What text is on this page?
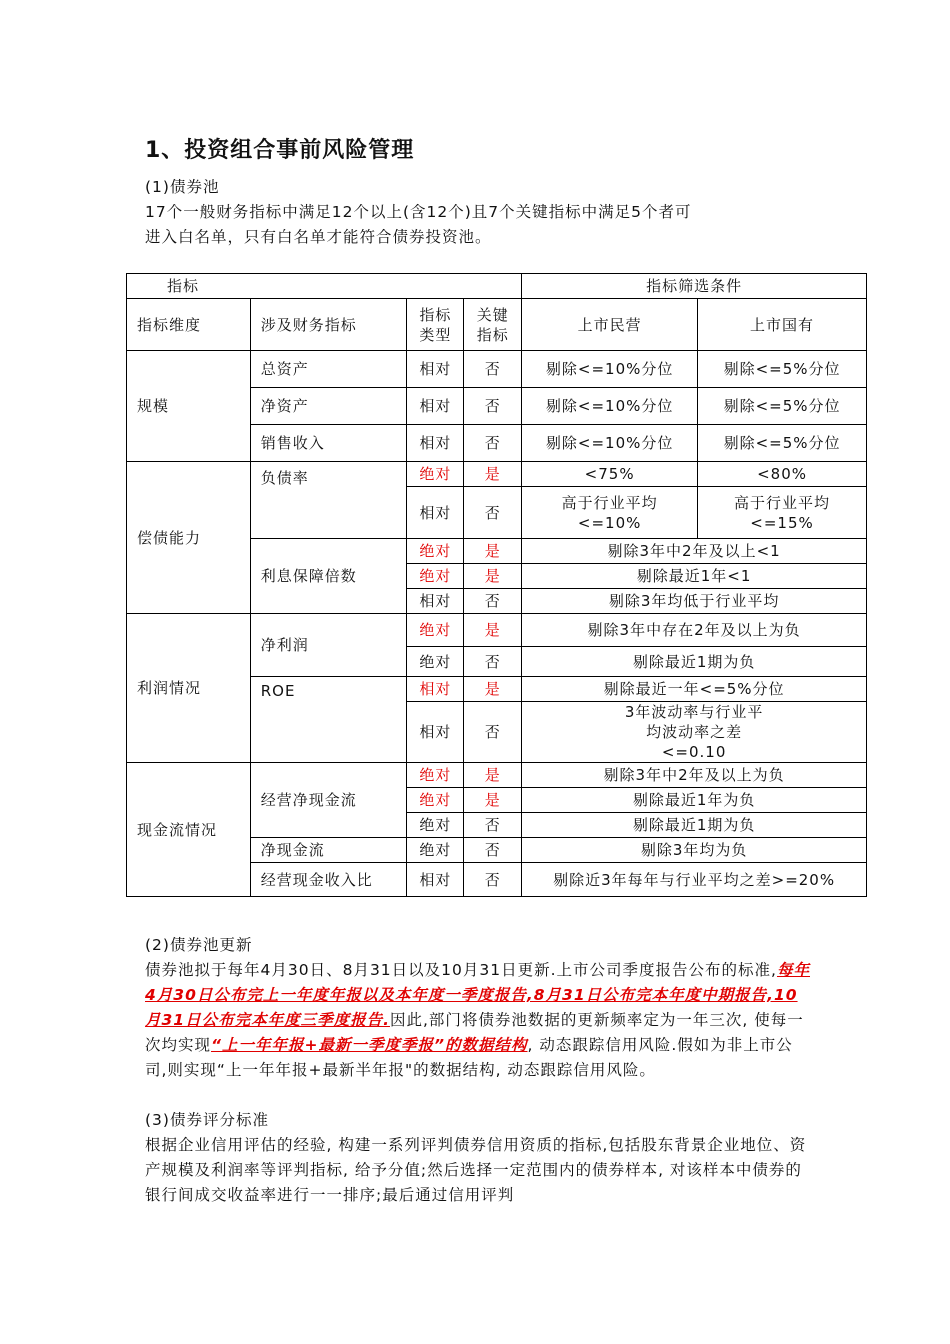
1、投资组合事前风险管理

(1)债券池

17个一般财务指标中满足12个以上(含12个)且7个关键指标中满足5个者可

进入白名单，只有白名单才能符合债券投资池。

指标				指标筛选条件	
指标维度	涉及财务指标	指标类型	关键指标	上市民营	上市国有
规模	总资产	相对	否	剔除<=10%分位	剔除<=5%分位
	净资产	相对	否	剔除<=10%分位	剔除<=5%分位
	销售收入	相对	否	剔除<=10%分位	剔除<=5%分位
偿债能力	负债率	绝对	是	<75%	<80%
		相对	否	高于行业平均<=10%	高于行业平均<=15%
	利息保障倍数	绝对	是	剔除3年中2年及以上<1	
		绝对	是	剔除最近1年<1	
		相对	否	剔除3年均低于行业平均	
利润情况	净利润	绝对	是	剔除3年中存在2年及以上为负	
		绝对	否	剔除最近1期为负	
	ROE	相对	是	剔除最近一年<=5%分位	
		相对	否	3年波动率与行业平均波动率之差<=0.10	
现金流情况	经营净现金流	绝对	是	剔除3年中2年及以上为负	
		绝对	是	剔除最近1年为负	
		绝对	否	剔除最近1期为负	
	净现金流	绝对	否	剔除3年均为负	
	经营现金收入比	相对	否	剔除近3年每年与行业平均之差>=20%	

(2)债券池更新

债券池拟于每年4月30日、8月31日以及10月31日更新.上市公司季度报告公布的标准,每年4月30日公布完上一年度年报以及本年度一季度报告,8月31日公布完本年度中期报告,10月31日公布完本年度三季度报告.因此,部门将债券池数据的更新频率定为一年三次, 使每一次均实现“上一年年报+最新一季度季报”的数据结构, 动态跟踪信用风险.假如为非上市公司,则实现“上一年年报+最新半年报"的数据结构, 动态跟踪信用风险。

(3)债券评分标准

根据企业信用评估的经验, 构建一系列评判债券信用资质的指标,包括股东背景企业地位、资产规模及利润率等评判指标, 给予分值;然后选择一定范围内的债券样本, 对该样本中债券的银行间成交收益率进行一一排序;最后通过信用评判
